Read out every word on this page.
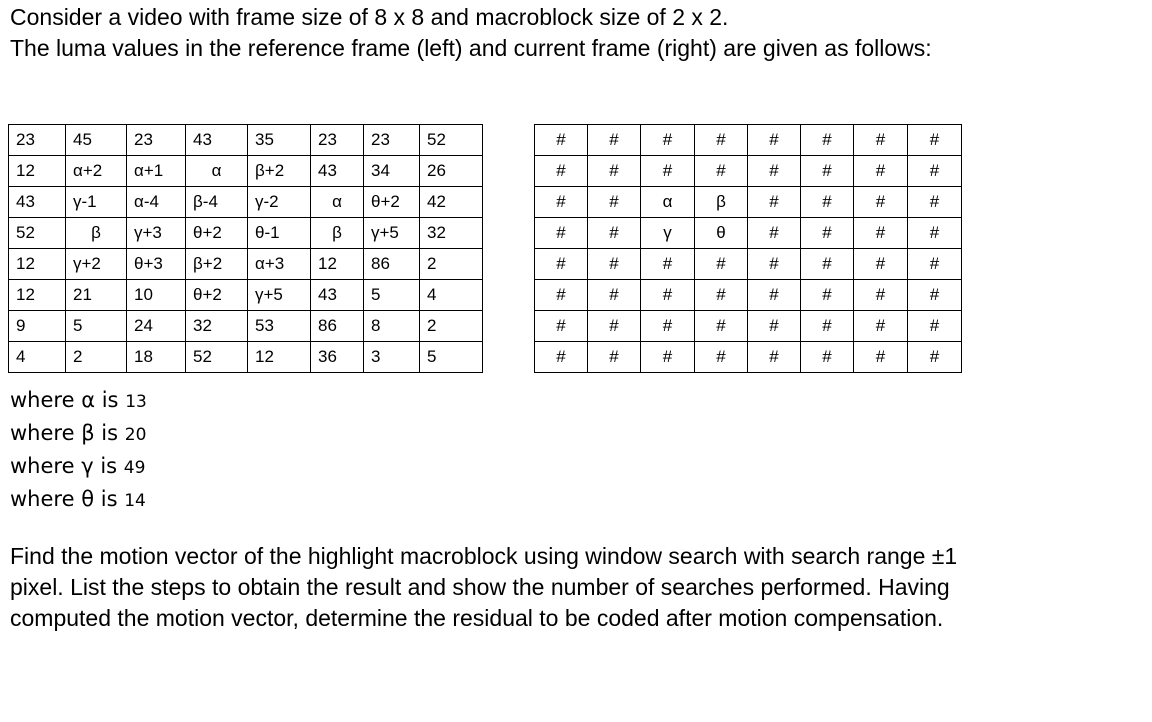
Consider a video with frame size of 8 x 8 and macroblock size of 2 x 2.

The luma values in the reference frame (left) and current frame (right) are given as follows:

23	45	23	43	35	23	23	52
12	α+2	α+1	α	β+2	43	34	26
43	γ-1	α-4	β-4	γ-2	α	θ+2	42
52	β	γ+3	θ+2	θ-1	β	γ+5	32
12	γ+2	θ+3	β+2	α+3	12	86	2
12	21	10	θ+2	γ+5	43	5	4
9	5	24	32	53	86	8	2
4	2	18	52	12	36	3	5
#	#	#	#	#	#	#	#
#	#	#	#	#	#	#	#
#	#	α	β	#	#	#	#
#	#	γ	θ	#	#	#	#
#	#	#	#	#	#	#	#
#	#	#	#	#	#	#	#
#	#	#	#	#	#	#	#
#	#	#	#	#	#	#	#
where α is 13
where β is 20
where γ is 49
where θ is 14

Find the motion vector of the highlight macroblock using window search with search range ±1 pixel. List the steps to obtain the result and show the number of searches performed. Having computed the motion vector, determine the residual to be coded after motion compensation.
